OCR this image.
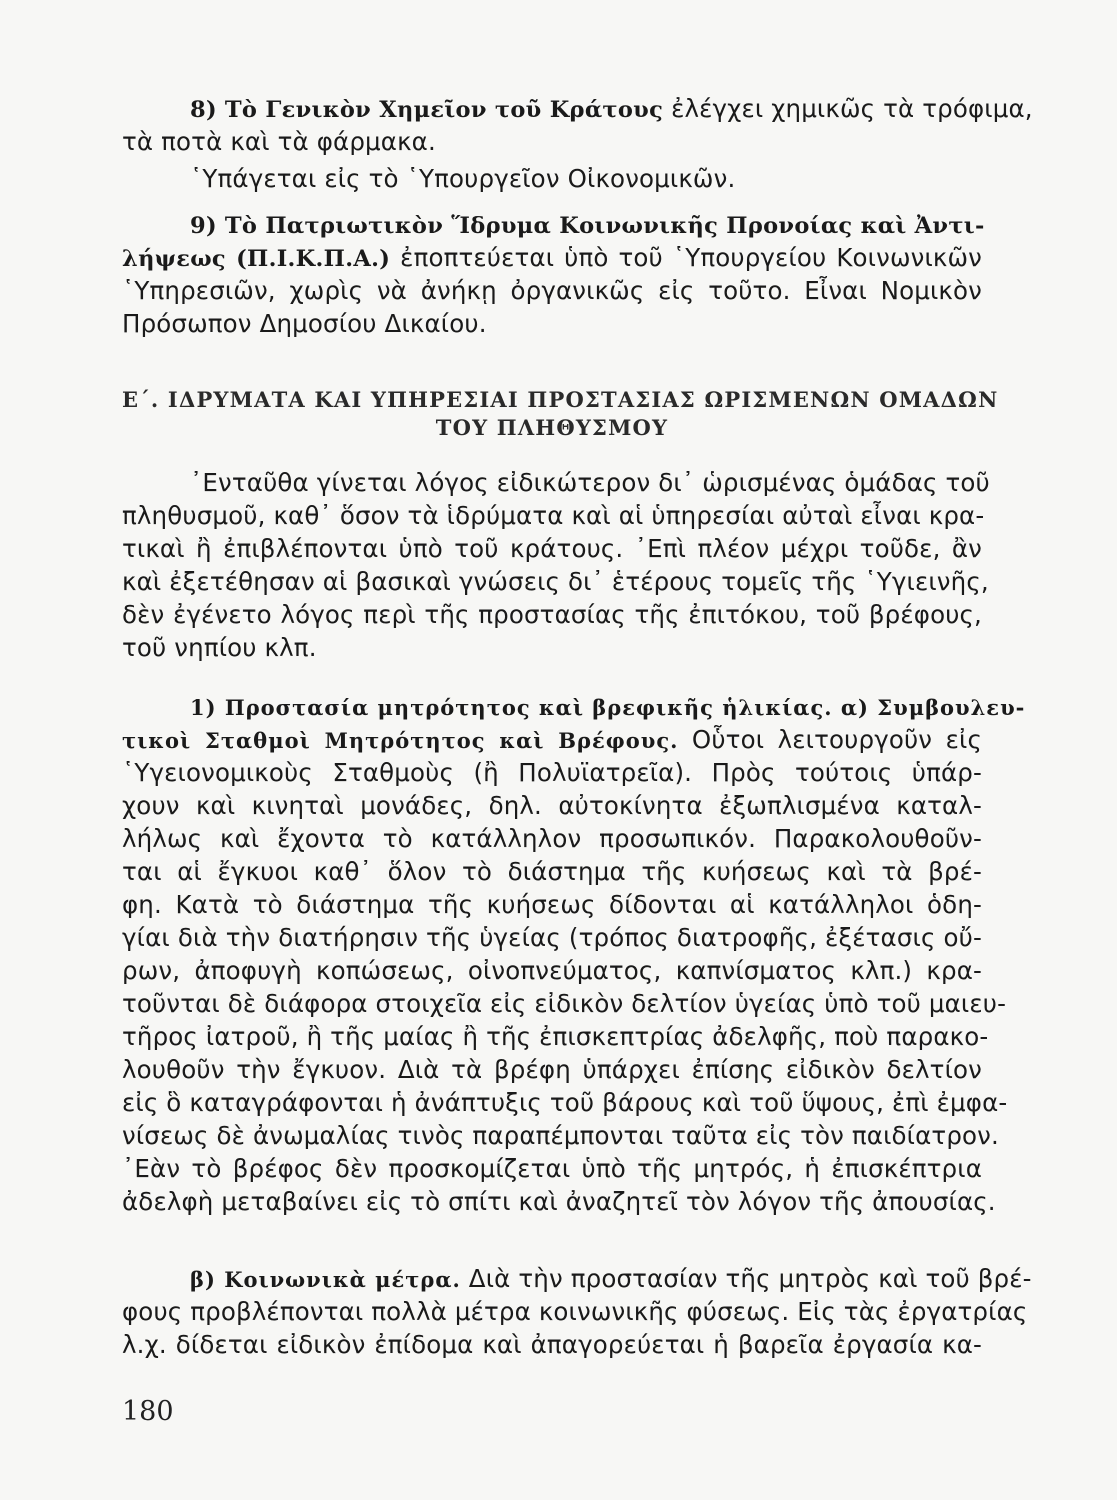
8) Τὸ Γενικὸν Χημεῖον τοῦ Κράτους ἐλέγχει χημικῶς τὰ τρόφιμα,
τὰ ποτὰ καὶ τὰ φάρμακα.
῾Υπάγεται εἰς τὸ ῾Υπουργεῖον Οἰκονομικῶν.
9) Τὸ Πατριωτικὸν Ἵδρυμα Κοινωνικῆς Προνοίας καὶ Ἀντι-
λήψεως (Π.Ι.Κ.Π.Α.) ἐποπτεύεται ὑπὸ τοῦ ῾Υπουργείου Κοινωνικῶν
῾Υπηρεσιῶν, χωρὶς νὰ ἀνήκῃ ὀργανικῶς εἰς τοῦτο. Εἶναι Νομικὸν
Πρόσωπον Δημοσίου Δικαίου.
Ε΄. ΙΔΡΥΜΑΤΑ ΚΑΙ ΥΠΗΡΕΣΙΑΙ ΠΡΟΣΤΑΣΙΑΣ ΩΡΙΣΜΕΝΩΝ ΟΜΑΔΩΝ
ΤΟΥ ΠΛΗΘΥΣΜΟΥ
᾿Ενταῦθα γίνεται λόγος εἰδικώτερον δι᾿ ὡρισμένας ὁμάδας τοῦ
πληθυσμοῦ, καθ᾿ ὅσον τὰ ἱδρύματα καὶ αἱ ὑπηρεσίαι αὐταὶ εἶναι κρα-
τικαὶ ἢ ἐπιβλέπονται ὑπὸ τοῦ κράτους. ᾿Επὶ πλέον μέχρι τοῦδε, ἂν
καὶ ἐξετέθησαν αἱ βασικαὶ γνώσεις δι᾿ ἑτέρους τομεῖς τῆς ῾Υγιεινῆς,
δὲν ἐγένετο λόγος περὶ τῆς προστασίας τῆς ἐπιτόκου, τοῦ βρέφους,
τοῦ νηπίου κλπ.
1) Προστασία μητρότητος καὶ βρεφικῆς ἡλικίας. α) Συμβουλευ-
τικοὶ Σταθμοὶ Μητρότητος καὶ Βρέφους. Οὗτοι λειτουργοῦν εἰς
῾Υγειονομικοὺς Σταθμοὺς (ἢ Πολυϊατρεῖα). Πρὸς τούτοις ὑπάρ-
χουν καὶ κινηταὶ μονάδες, δηλ. αὐτοκίνητα ἐξωπλισμένα καταλ-
λήλως καὶ ἔχοντα τὸ κατάλληλον προσωπικόν. Παρακολουθοῦν-
ται αἱ ἔγκυοι καθ᾿ ὅλον τὸ διάστημα τῆς κυήσεως καὶ τὰ βρέ-
φη. Κατὰ τὸ διάστημα τῆς κυήσεως δίδονται αἱ κατάλληλοι ὁδη-
γίαι διὰ τὴν διατήρησιν τῆς ὑγείας (τρόπος διατροφῆς, ἐξέτασις οὔ-
ρων, ἀποφυγὴ κοπώσεως, οἰνοπνεύματος, καπνίσματος κλπ.) κρα-
τοῦνται δὲ διάφορα στοιχεῖα εἰς εἰδικὸν δελτίον ὑγείας ὑπὸ τοῦ μαιευ-
τῆρος ἰατροῦ, ἢ τῆς μαίας ἢ τῆς ἐπισκεπτρίας ἀδελφῆς, ποὺ παρακο-
λουθοῦν τὴν ἔγκυον. Διὰ τὰ βρέφη ὑπάρχει ἐπίσης εἰδικὸν δελτίον
εἰς ὃ καταγράφονται ἡ ἀνάπτυξις τοῦ βάρους καὶ τοῦ ὕψους, ἐπὶ ἐμφα-
νίσεως δὲ ἀνωμαλίας τινὸς παραπέμπονται ταῦτα εἰς τὸν παιδίατρον.
᾿Εὰν τὸ βρέφος δὲν προσκομίζεται ὑπὸ τῆς μητρός, ἡ ἐπισκέπτρια
ἀδελφὴ μεταβαίνει εἰς τὸ σπίτι καὶ ἀναζητεῖ τὸν λόγον τῆς ἀπουσίας.
β) Κοινωνικὰ μέτρα. Διὰ τὴν προστασίαν τῆς μητρὸς καὶ τοῦ βρέ-
φους προβλέπονται πολλὰ μέτρα κοινωνικῆς φύσεως. Εἰς τὰς ἐργατρίας
λ.χ. δίδεται εἰδικὸν ἐπίδομα καὶ ἀπαγορεύεται ἡ βαρεῖα ἐργασία κα-
180
